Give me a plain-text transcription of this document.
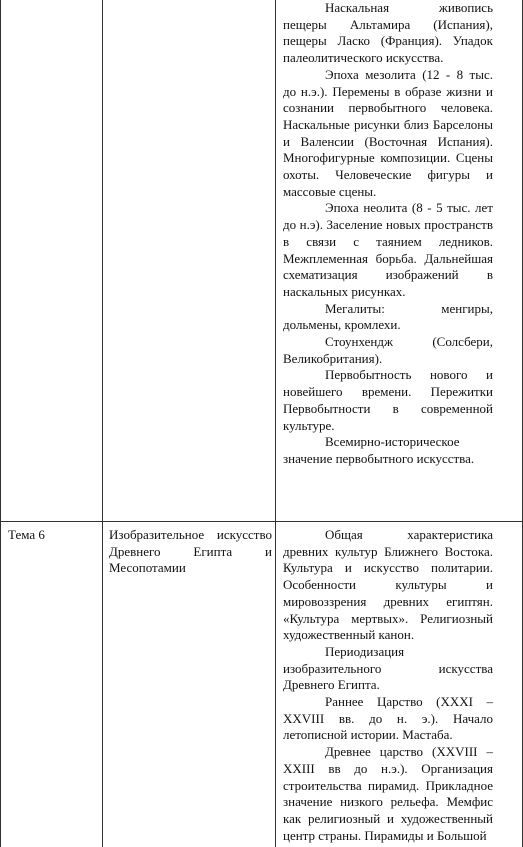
Наскальная живопись пещеры Альтамира (Испания), пещеры Ласко (Франция). Упадок палеолитического искусства.

Эпоха мезолита (12 - 8 тыс. до н.э.). Перемены в образе жизни и сознании первобытного человека. Наскальные рисунки близ Барселоны и Валенсии (Восточная Испания). Многофигурные композиции. Сцены охоты. Человеческие фигуры и массовые сцены.

Эпоха неолита (8 - 5 тыс. лет до н.э). Заселение новых пространств в связи с таянием ледников. Межплеменная борьба. Дальнейшая схематизация изображений в наскальных рисунках.

Мегалиты: менгиры, дольмены, кромлехи.

Стоунхендж (Солсбери, Великобритания).

Первобытность нового и новейшего времени. Пережитки Первобытности в современной культуре.

Всемирно-историческое значение первобытного искусства.

Тема 6	Изобразительное искусство Древнего Египта и Месопотамии

Общая характеристика древних культур Ближнего Востока. Культура и искусство политарии. Особенности культуры и мировоззрения древних египтян. «Культура мертвых». Религиозный художественный канон.

Периодизация изобразительного искусства Древнего Египта.

Раннее Царство (XXXI – XXVIII вв. до н. э.). Начало летописной истории. Мастаба.

Древнее царство (XXVIII – XXIII вв до н.э.). Организация строительства пирамид. Прикладное значение низкого рельефа. Мемфис как религиозный и художественный центр страны. Пирамиды и Большой
